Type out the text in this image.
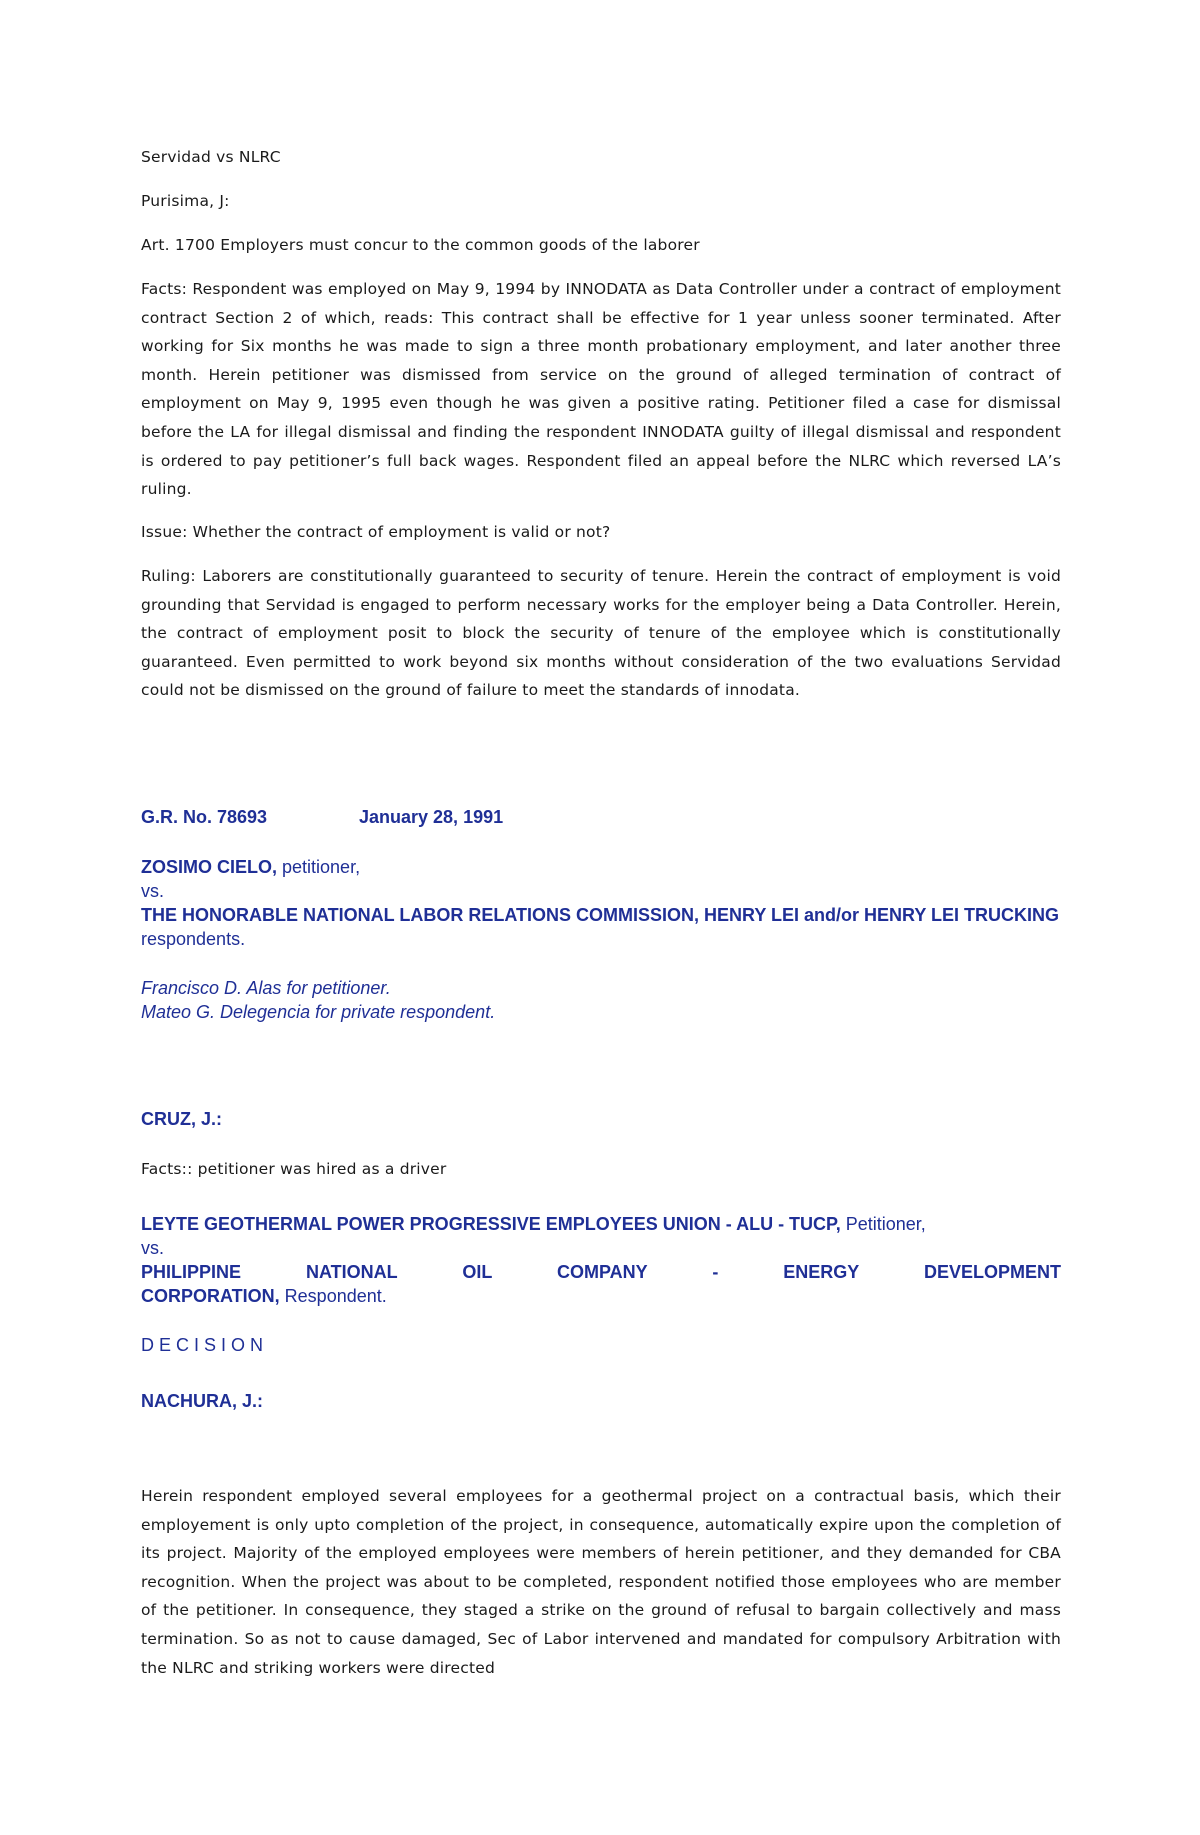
Servidad vs NLRC

Purisima, J:

Art. 1700 Employers must concur to the common goods of the laborer

Facts: Respondent was employed on May 9, 1994 by INNODATA as Data Controller under a contract of employment contract Section 2 of which, reads: This contract shall be effective for 1 year unless sooner terminated. After working for Six months he was made to sign a three month probationary employment, and later another three month. Herein petitioner was dismissed from service on the ground of alleged termination of contract of employment on May 9, 1995 even though he was given a positive rating. Petitioner filed a case for dismissal before the LA for illegal dismissal and finding the respondent INNODATA guilty of illegal dismissal and respondent is ordered to pay petitioner’s full back wages. Respondent filed an appeal before the NLRC which reversed LA’s ruling.

Issue: Whether the contract of employment is valid or not?

Ruling: Laborers are constitutionally guaranteed to security of tenure. Herein the contract of employment is void grounding that Servidad is engaged to perform necessary works for the employer being a Data Controller. Herein, the contract of employment posit to block the security of tenure of the employee which is constitutionally guaranteed. Even permitted to work beyond six months without consideration of the two evaluations Servidad could not be dismissed on the ground of failure to meet the standards of innodata.

G.R. No. 78693	January 28, 1991
ZOSIMO CIELO, petitioner,
vs.
THE HONORABLE NATIONAL LABOR RELATIONS COMMISSION, HENRY LEI and/or HENRY LEI TRUCKING respondents.
Francisco D. Alas for petitioner.
Mateo G. Delegencia for private respondent.
CRUZ, J.:

Facts:: petitioner was hired as a driver

LEYTE GEOTHERMAL POWER PROGRESSIVE EMPLOYEES UNION - ALU - TUCP, Petitioner,
vs.
PHILIPPINE NATIONAL OIL COMPANY - ENERGY DEVELOPMENT
CORPORATION, Respondent.
DECISION
NACHURA, J.:

Herein respondent employed several employees for a geothermal project on a contractual basis, which their employement is only upto completion of the project, in consequence, automatically expire upon the completion of its project. Majority of the employed employees were members of herein petitioner, and they demanded for CBA recognition. When the project was about to be completed, respondent notified those employees who are member of the petitioner. In consequence, they staged a strike on the ground of refusal to bargain collectively and mass termination. So as not to cause damaged, Sec of Labor intervened and mandated for compulsory Arbitration with the NLRC and striking workers were directed
